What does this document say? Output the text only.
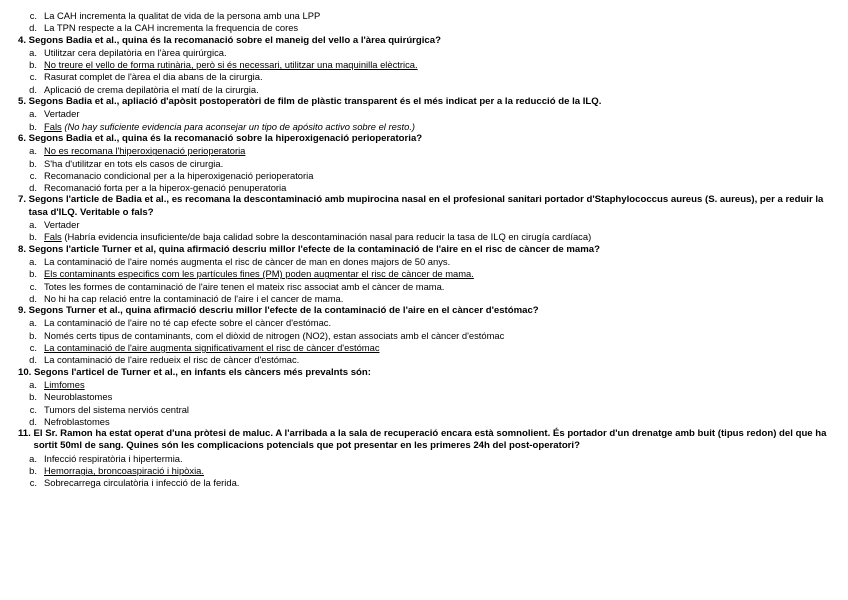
c. La CAH incrementa la qualitat de vida de la persona amb una LPP
d. La TPN respecte a la CAH incrementa la frequencia de cores
4. Segons Badia et al., quina és la recomanació sobre el maneig del vello a l'àrea quirúrgica?
a. Utilitzar cera depilatòria en l'àrea quirúrgica.
b. No treure el vello de forma rutinària, però si és necessari, utilitzar una maquinilla elèctrica.
c. Rasurat complet de l'àrea el dia abans de la cirurgia.
d. Aplicació de crema depilatòria el matí de la cirurgia.
5. Segons Badia et al., apliació d'apòsit postoperatòri de film de plàstic transparent és el més indicat per a la reducció de la ILQ.
a. Vertader
b. Fals (No hay suficiente evidencia para aconsejar un tipo de apósito activo sobre el resto.)
6. Segons Badia et al., quina és la recomanació sobre la hiperoxigenació perioperatoria?
a. No es recomana l'hiperoxigenació perioperatoria
b. S'ha d'utilitzar en tots els casos de cirurgia.
c. Recomanacio condicional per a la hiperoxigenació perioperatoria
d. Recomanació forta per a la hiperox-genació penuperatoria
7. Segons l'article de Badia et al., es recomana la descontaminació amb mupirocina nasal en el profesional sanitari portador d'Staphylococcus aureus (S. aureus), per a reduir la tasa d'ILQ. Veritable o fals?
a. Vertader
b. Fals (Habría evidencia insuficiente/de baja calidad sobre la descontaminación nasal para reducir la tasa de ILQ en cirugía cardíaca)
8. Segons l'article Turner et al, quina afirmació descriu millor l'efecte de la contaminació de l'aire en el risc de càncer de mama?
a. La contaminació de l'aire només augmenta el risc de càncer de man en dones majors de 50 anys.
b. Els contaminants especifics com les partícules fines (PM) poden augmentar el risc de càncer de mama.
c. Totes les formes de contaminació de l'aire tenen el mateix risc associat amb el càncer de mama.
d. No hi ha cap relació entre la contaminació de l'aire i el cancer de mama.
9. Segons Turner et al., quina afirmació descriu millor l'efecte de la contaminació de l'aire en el càncer d'estómac?
a. La contaminació de l'aire no té cap efecte sobre el càncer d'estómac.
b. Només certs tipus de contaminants, com el diòxid de nitrogen (NO2), estan associats amb el càncer d'estómac
c. La contaminació de l'aire augmenta significativament el risc de càncer d'estómac
d. La contaminació de l'aire redueix el risc de càncer d'estómac.
10. Segons l'articel de Turner et al., en infants els càncers més prevalnts són:
a. Limfomes
b. Neuroblastomes
c. Tumors del sistema nerviós central
d. Nefroblastomes
11. El Sr. Ramon ha estat operat d'una pròtesi de maluc. A l'arribada a la sala de recuperació encara està somnolient. És portador d'un drenatge amb buit (tipus redon) del que ha sortit 50ml de sang. Quines són les complicacions potencials que pot presentar en les primeres 24h del post-operatori?
a. Infecció respiratòria i hipertermia.
b. Hemorragia, broncoaspiració i hipòxia.
c. Sobrecarrega circulatòria i infecció de la ferida.
